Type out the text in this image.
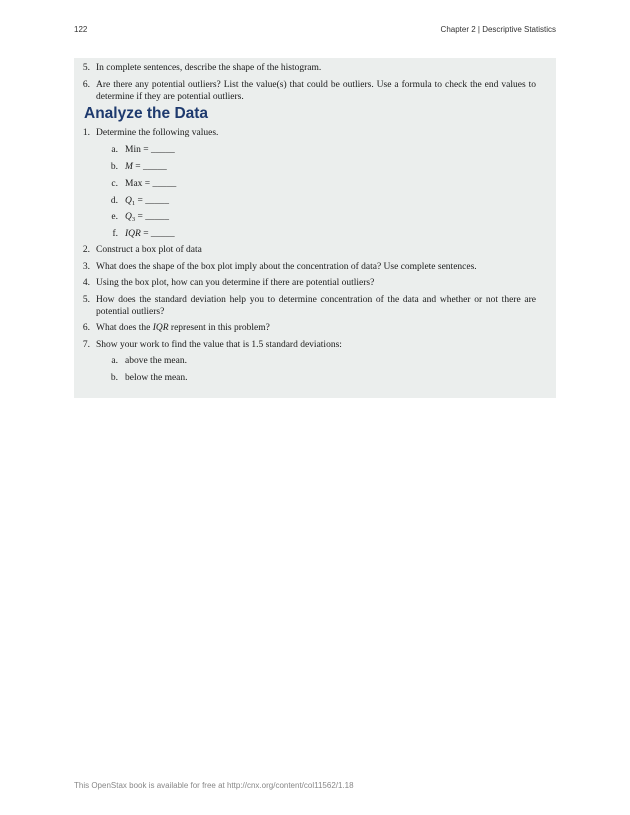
122	Chapter 2 | Descriptive Statistics
5. In complete sentences, describe the shape of the histogram.
6. Are there any potential outliers? List the value(s) that could be outliers. Use a formula to check the end values to determine if they are potential outliers.
Analyze the Data
1. Determine the following values.
a. Min = _____
b. M = _____
c. Max = _____
d. $Q_1$ = _____
e. $Q_3$ = _____
f. IQR = _____
2. Construct a box plot of data
3. What does the shape of the box plot imply about the concentration of data? Use complete sentences.
4. Using the box plot, how can you determine if there are potential outliers?
5. How does the standard deviation help you to determine concentration of the data and whether or not there are potential outliers?
6. What does the IQR represent in this problem?
7. Show your work to find the value that is 1.5 standard deviations:
a. above the mean.
b. below the mean.
This OpenStax book is available for free at http://cnx.org/content/col11562/1.18
